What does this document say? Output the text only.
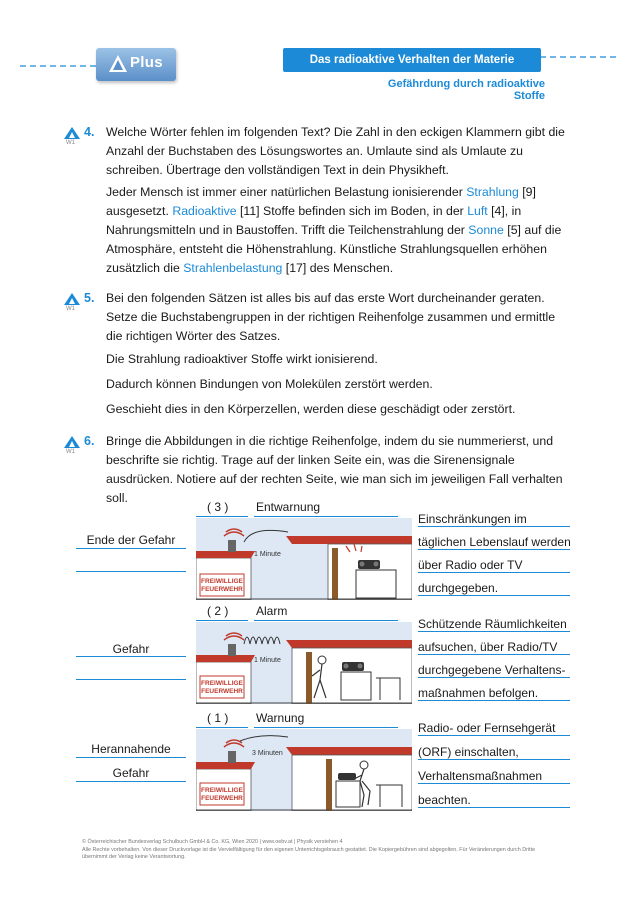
Plus	Das radioaktive Verhalten der Materie
Gefährdung durch radioaktive Stoffe
W1
4. Welche Wörter fehlen im folgenden Text? Die Zahl in den eckigen Klammern gibt die Anzahl der Buchstaben des Lösungswortes an. Umlaute sind als Umlaute zu schreiben. Übertrage den vollständigen Text in dein Physikheft.
Jeder Mensch ist immer einer natürlichen Belastung ionisierender Strahlung [9] ausgesetzt. Radioaktive [11] Stoffe befinden sich im Boden, in der Luft [4], in Nahrungsmitteln und in Baustoffen. Trifft die Teilchenstrahlung der Sonne [5] auf die Atmosphäre, entsteht die Höhenstrahlung. Künstliche Strahlungsquellen erhöhen zusätzlich die Strahlenbelastung [17] des Menschen.
W1
5. Bei den folgenden Sätzen ist alles bis auf das erste Wort durcheinander geraten. Setze die Buchstabengruppen in der richtigen Reihenfolge zusammen und ermittle die richtigen Wörter des Satzes.
Die Strahlung radioaktiver Stoffe wirkt ionisierend.
Dadurch können Bindungen von Molekülen zerstört werden.
Geschieht dies in den Körperzellen, werden diese geschädigt oder zerstört.
W1
6. Bringe die Abbildungen in die richtige Reihenfolge, indem du sie nummerierst, und beschrifte sie richtig. Trage auf der linken Seite ein, was die Sirenensignale ausdrücken. Notiere auf der rechten Seite, wie man sich im jeweiligen Fall verhalten soll.
( 3 ) Entwarnung
Ende der Gefahr
FREIWILLIGE
FEUERWEHR
1 Minute
Einschränkungen im
täglichen Lebenslauf werden
über Radio oder TV
durchgegeben.
( 2 ) Alarm
Gefahr
FREIWILLIGE
FEUERWEHR
1 Minute
Schützende Räumlichkeiten
aufsuchen, über Radio/TV
durchgegebene Verhaltens-
maßnahmen befolgen.
( 1 ) Warnung
Herannahende
Gefahr
FREIWILLIGE
FEUERWEHR
3 Minuten
Radio- oder Fernsehgerät
(ORF) einschalten,
Verhaltensmaßnahmen
beachten.
© Österreichischer Bundesverlag Schulbuch GmbH & Co. KG, Wien 2020 | www.oebv.at | Physik verstehen 4
Alle Rechte vorbehalten. Von dieser Druckvorlage ist die Vervielfältigung für den eigenen Unterrichtsgebrauch gestattet. Die Kopiergebühren sind abgegolten. Für Veränderungen durch Dritte übernimmt der Verlag keine Verantwortung.
